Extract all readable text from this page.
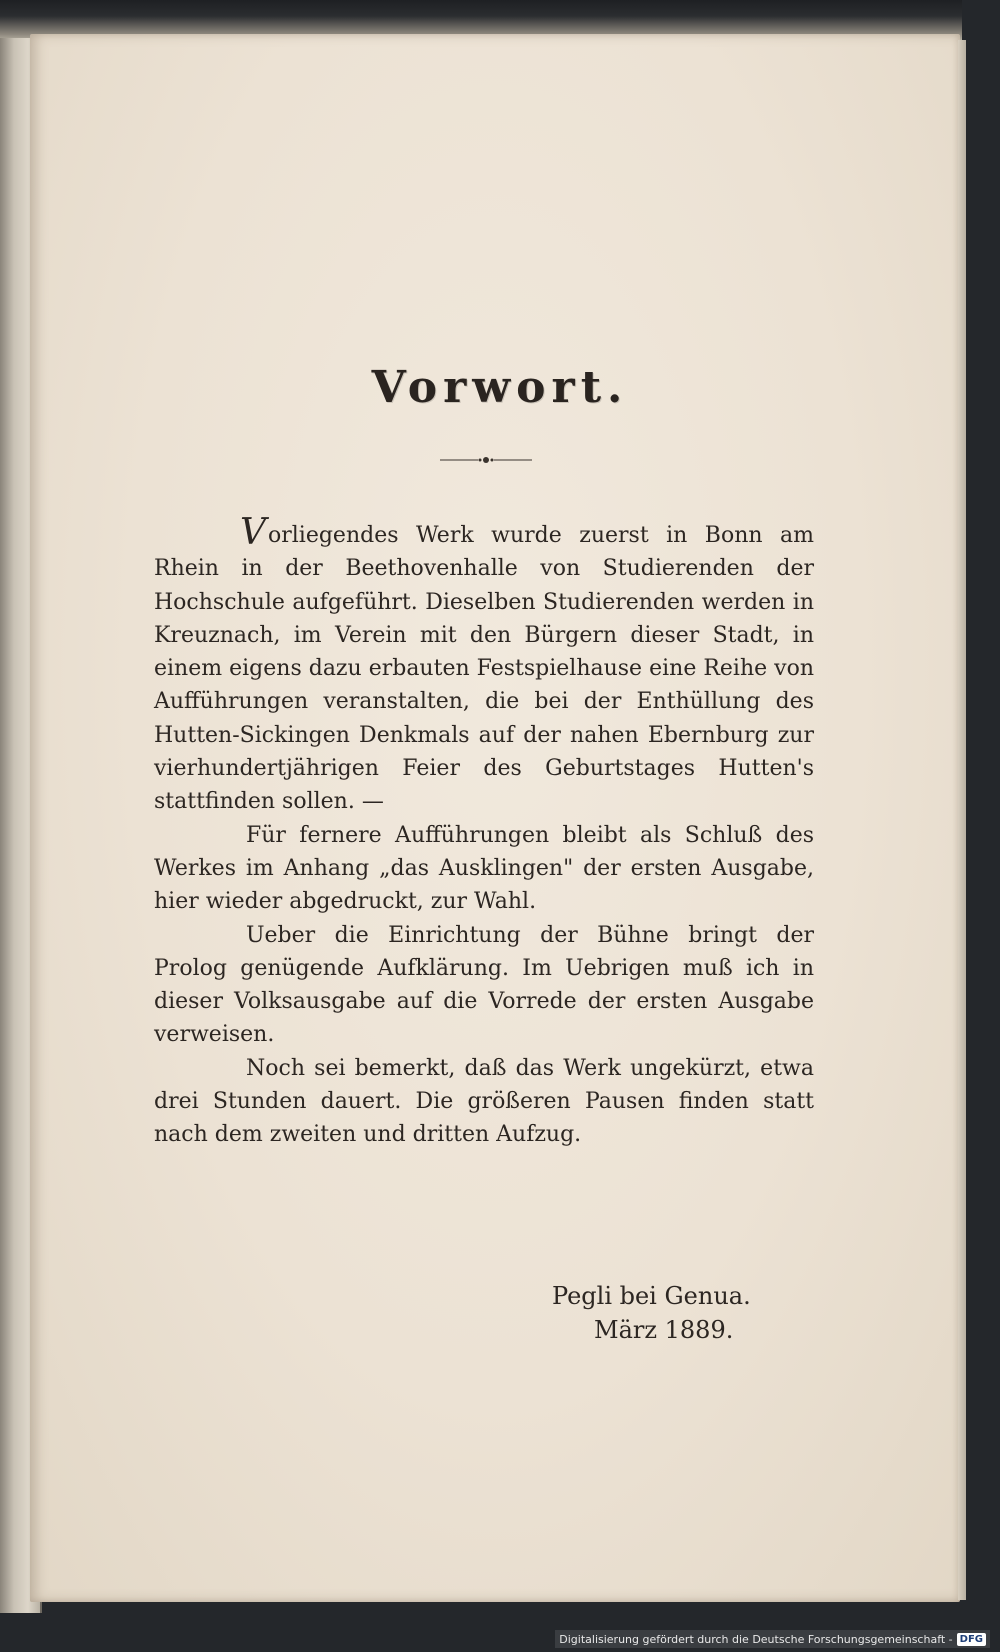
Vorwort.

Vorliegendes Werk wurde zuerst in Bonn am Rhein in der Beethovenhalle von Studierenden der Hochschule aufgeführt. Dieselben Studierenden werden in Kreuznach, im Verein mit den Bürgern dieser Stadt, in einem eigens dazu erbauten Festspielhause eine Reihe von Aufführungen veranstalten, die bei der Enthüllung des Hutten-Sickingen Denkmals auf der nahen Ebernburg zur vierhundertjährigen Feier des Geburtstages Hutten's stattfinden sollen. —

Für fernere Aufführungen bleibt als Schluß des Werkes im Anhang „das Ausklingen" der ersten Ausgabe, hier wieder abgedruckt, zur Wahl.

Ueber die Einrichtung der Bühne bringt der Prolog genügende Aufklärung. Im Uebrigen muß ich in dieser Volksausgabe auf die Vorrede der ersten Ausgabe verweisen.

Noch sei bemerkt, daß das Werk ungekürzt, etwa drei Stunden dauert. Die größeren Pausen finden statt nach dem zweiten und dritten Aufzug.

Pegli bei Genua.
März 1889.
Digitalisierung gefördert durch die Deutsche Forschungsgemeinschaft - DFG
